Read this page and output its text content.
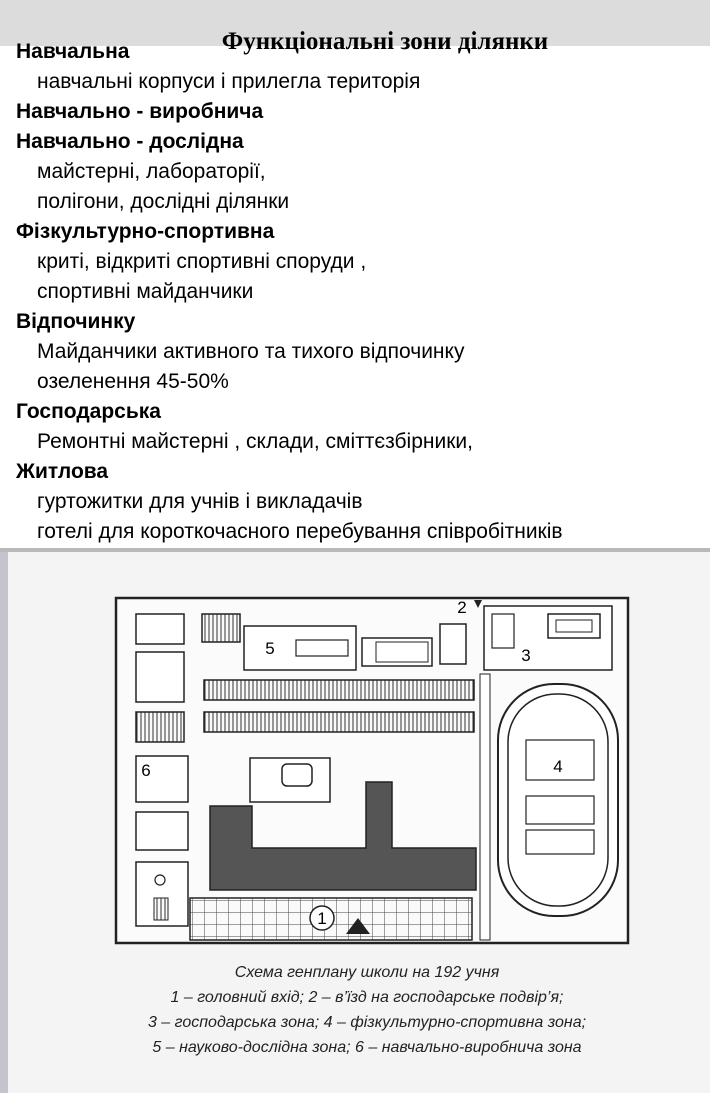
Функціональні зони ділянки
Навчальна
навчальні корпуси і прилегла територія
Навчально - виробнича
Навчально - дослідна
майстерні, лабораторії,
полігони, дослідні ділянки
Фізкультурно-спортивна
криті, відкриті спортивні споруди ,
спортивні майданчики
Відпочинку
Майданчики активного та тихого відпочинку
озеленення 45-50%
Господарська
Ремонтні майстерні , склади, сміттєзбірники,
Житлова
гуртожитки для учнів і викладачів
готелі для короткочасного перебування співробітників
1
2
3
4
5
6
Схема генплану школи на 192 учня
1 – головний вхід; 2 – в’їзд на господарське подвір’я;
3 – господарська зона; 4 – фізкультурно-спортивна зона;
5 – науково-дослідна зона; 6 – навчально-виробнича зона
